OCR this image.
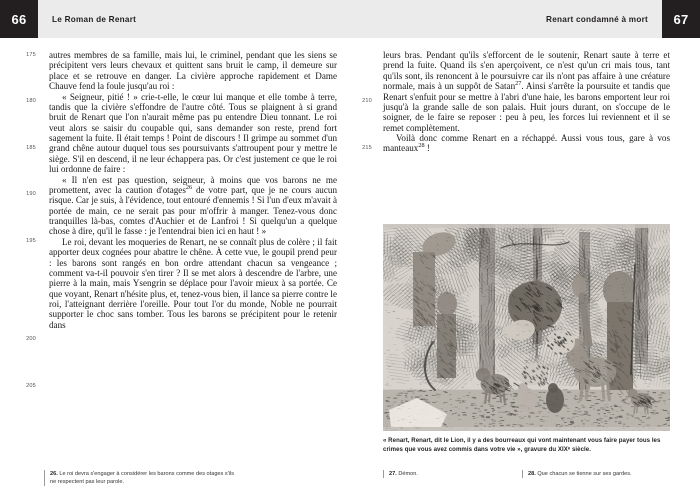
66	Le Roman de Renart	Renart condamné à mort	67
175
180
185
190
195
200
205
210
215

autres membres de sa famille, mais lui, le criminel, pendant que les siens se précipitent vers leurs chevaux et quittent sans bruit le camp, il demeure sur place et se retrouve en danger. La civière approche rapidement et Dame Chauve fend la foule jusqu'au roi :

« Seigneur, pitié ! » crie-t-elle, le cœur lui manque et elle tombe à terre, tandis que la civière s'effondre de l'autre côté. Tous se plaignent à si grand bruit de Renart que l'on n'aurait même pas pu entendre Dieu tonnant. Le roi veut alors se saisir du coupable qui, sans demander son reste, prend fort sagement la fuite. Il était temps ! Point de discours ! Il grimpe au sommet d'un grand chêne autour duquel tous ses poursuivants s'attroupent pour y mettre le siège. S'il en descend, il ne leur échappera pas. Or c'est justement ce que le roi lui ordonne de faire :

« Il n'en est pas question, seigneur, à moins que vos barons ne me promettent, avec la caution d'otages$^{26}$ de votre part, que je ne cours aucun risque. Car je suis, à l'évidence, tout entouré d'ennemis ! Si l'un d'eux m'avait à portée de main, ce ne serait pas pour m'offrir à manger. Tenez-vous donc tranquilles là-bas, comtes d'Auchier et de Lanfroi ! Si quelqu'un a quelque chose à dire, qu'il le fasse : je l'entendrai bien ici en haut ! »

Le roi, devant les moqueries de Renart, ne se connaît plus de colère ; il fait apporter deux cognées pour abattre le chêne. À cette vue, le goupil prend peur : les barons sont rangés en bon ordre attendant chacun sa vengeance ; comment va-t-il pouvoir s'en tirer ? Il se met alors à descendre de l'arbre, une pierre à la main, mais Ysengrin se déplace pour l'avoir mieux à sa portée. Ce que voyant, Renart n'hésite plus, et, tenez-vous bien, il lance sa pierre contre le roi, l'atteignant derrière l'oreille. Pour tout l'or du monde, Noble ne pourrait supporter le choc sans tomber. Tous les barons se précipitent pour le retenir dans

leurs bras. Pendant qu'ils s'efforcent de le soutenir, Renart saute à terre et prend la fuite. Quand ils s'en aperçoivent, ce n'est qu'un cri mais tous, tant qu'ils sont, ils renoncent à le poursuivre car ils n'ont pas affaire à une créature normale, mais à un suppôt de Satan$^{27}$. Ainsi s'arrête la poursuite et tandis que Renart s'enfuit pour se mettre à l'abri d'une haie, les barons emportent leur roi jusqu'à la grande salle de son palais. Huit jours durant, on s'occupe de le soigner, de le faire se reposer : peu à peu, les forces lui reviennent et il se remet complètement.

Voilà donc comme Renart en a réchappé. Aussi vous tous, gare à vos manteaux$^{28}$ !

« Renart, Renart, dit le Lion, il y a des bourreaux qui vont maintenant vous faire payer tous les crimes que vous avez commis dans votre vie », gravure du XIXᵉ siècle.
26. Le roi devra s'engager à considérer les barons comme des otages s'ils ne respectent pas leur parole.
27. Démon.	28. Que chacun se tienne sur ses gardes.
